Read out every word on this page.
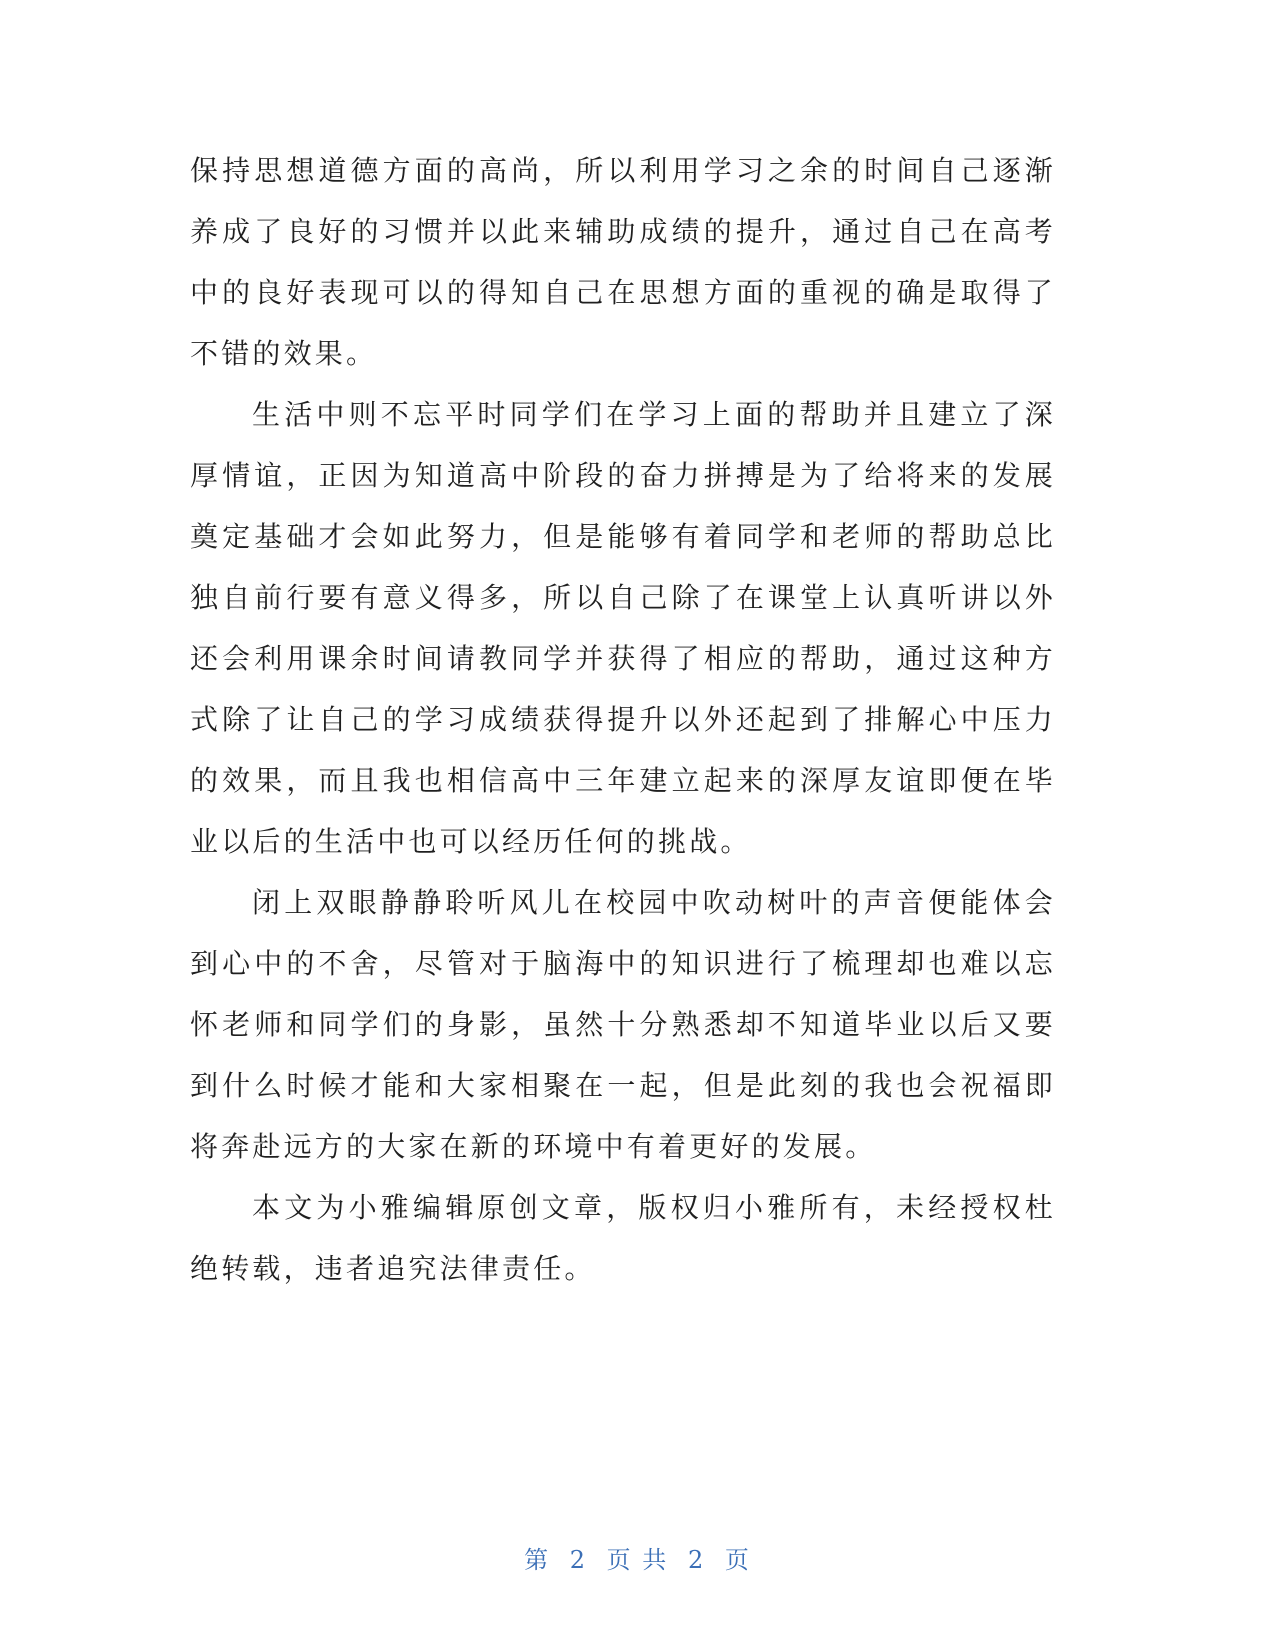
保持思想道德方面的高尚，所以利用学习之余的时间自己逐渐养成了良好的习惯并以此来辅助成绩的提升，通过自己在高考中的良好表现可以的得知自己在思想方面的重视的确是取得了不错的效果。

生活中则不忘平时同学们在学习上面的帮助并且建立了深厚情谊，正因为知道高中阶段的奋力拼搏是为了给将来的发展奠定基础才会如此努力，但是能够有着同学和老师的帮助总比独自前行要有意义得多，所以自己除了在课堂上认真听讲以外还会利用课余时间请教同学并获得了相应的帮助，通过这种方式除了让自己的学习成绩获得提升以外还起到了排解心中压力的效果，而且我也相信高中三年建立起来的深厚友谊即便在毕业以后的生活中也可以经历任何的挑战。

闭上双眼静静聆听风儿在校园中吹动树叶的声音便能体会到心中的不舍，尽管对于脑海中的知识进行了梳理却也难以忘怀老师和同学们的身影，虽然十分熟悉却不知道毕业以后又要到什么时候才能和大家相聚在一起，但是此刻的我也会祝福即将奔赴远方的大家在新的环境中有着更好的发展。

本文为小雅编辑原创文章，版权归小雅所有，未经授权杜绝转载，违者追究法律责任。

第 2 页 共 2 页
